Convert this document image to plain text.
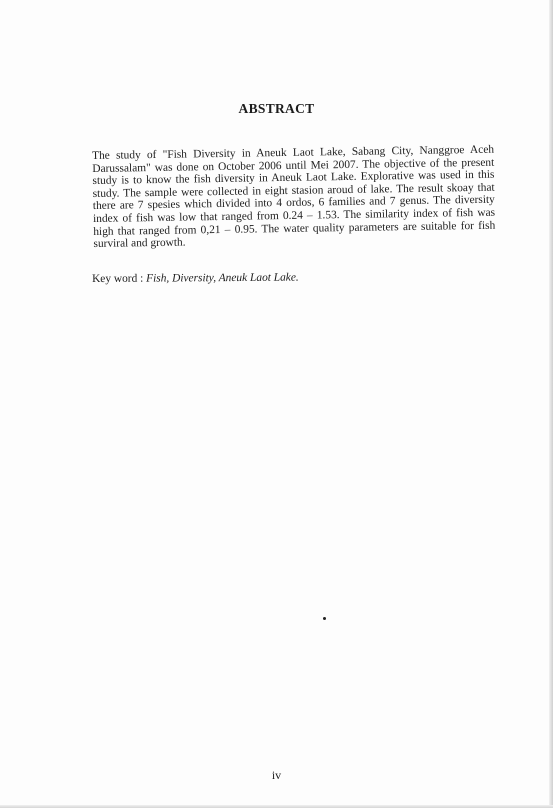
ABSTRACT
The study of "Fish Diversity in Aneuk Laot Lake, Sabang City, Nanggroe Aceh Darussalam" was done on October 2006 until Mei 2007. The objective of the present study is to know the fish diversity in Aneuk Laot Lake. Explorative was used in this study. The sample were collected in eight stasion aroud of lake. The result skoay that there are 7 spesies which divided into 4 ordos, 6 families and 7 genus. The diversity index of fish was low that ranged from 0.24 – 1.53. The similarity index of fish was high that ranged from 0,21 – 0.95. The water quality parameters are suitable for fish surviral and growth.
Key word : Fish, Diversity, Aneuk Laot Lake.
iv
